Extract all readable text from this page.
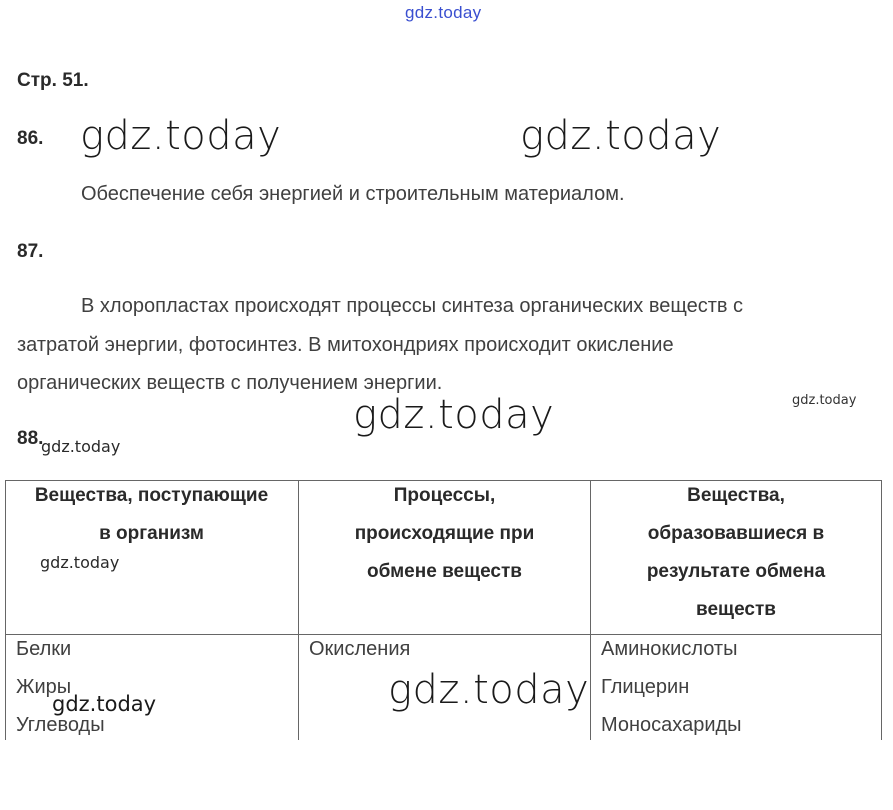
gdz.today
Стр. 51.
86. gdz.today	gdz.today
Обеспечение себя энергией и строительным материалом.
87.
В хлоропластах происходят процессы синтеза органических веществ с
затратой энергии, фотосинтез. В митохондриях происходит окисление
органических веществ с получением энергии.
gdz.today
gdz.today
88.
gdz.today
Вещества, поступающие
в организм
Процессы,
происходящие при
обмене веществ
Вещества,
образовавшиеся в
результате обмена
веществ
Белки
Жиры
Углеводы
Окисления	Аминокислоты
Глицерин
Моносахариды
gdz.today
gdz.today
gdz.today
